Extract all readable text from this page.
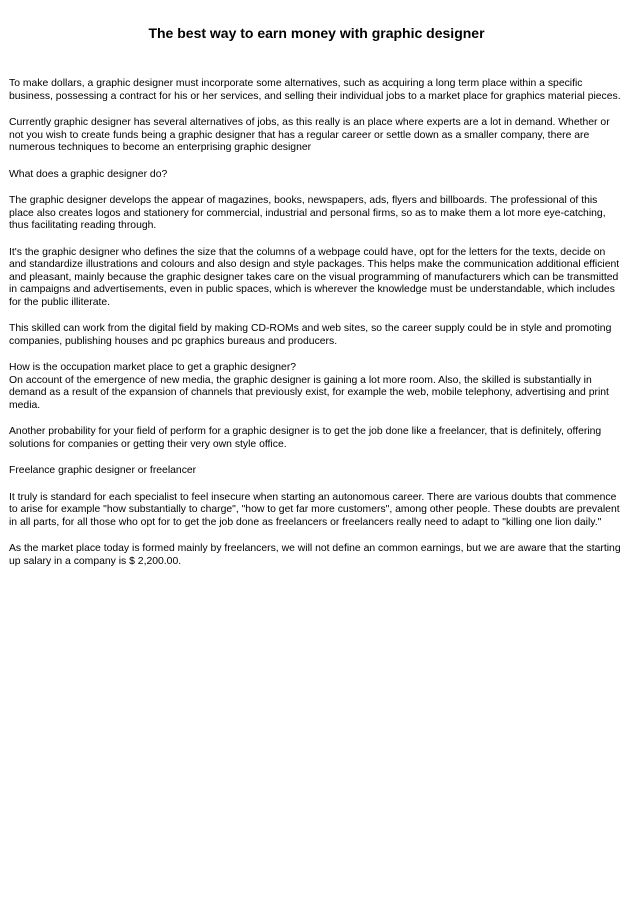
The best way to earn money with graphic designer

To make dollars, a graphic designer must incorporate some alternatives, such as acquiring a long term place within a specific business, possessing a contract for his or her services, and selling their individual jobs to a market place for graphics material pieces.

Currently graphic designer has several alternatives of jobs, as this really is an place where experts are a lot in demand. Whether or not you wish to create funds being a graphic designer that has a regular career or settle down as a smaller company, there are numerous techniques to become an enterprising graphic designer

What does a graphic designer do?

The graphic designer develops the appear of magazines, books, newspapers, ads, flyers and billboards. The professional of this place also creates logos and stationery for commercial, industrial and personal firms, so as to make them a lot more eye-catching, thus facilitating reading through.

It's the graphic designer who defines the size that the columns of a webpage could have, opt for the letters for the texts, decide on and standardize illustrations and colours and also design and style packages. This helps make the communication additional efficient and pleasant, mainly because the graphic designer takes care on the visual programming of manufacturers which can be transmitted in campaigns and advertisements, even in public spaces, which is wherever the knowledge must be understandable, which includes for the public illiterate.

This skilled can work from the digital field by making CD-ROMs and web sites, so the career supply could be in style and promoting companies, publishing houses and pc graphics bureaus and producers.

How is the occupation market place to get a graphic designer?
On account of the emergence of new media, the graphic designer is gaining a lot more room. Also, the skilled is substantially in demand as a result of the expansion of channels that previously exist, for example the web, mobile telephony, advertising and print media.

Another probability for your field of perform for a graphic designer is to get the job done like a freelancer, that is definitely, offering solutions for companies or getting their very own style office.

Freelance graphic designer or freelancer

It truly is standard for each specialist to feel insecure when starting an autonomous career. There are various doubts that commence to arise for example "how substantially to charge", "how to get far more customers", among other people. These doubts are prevalent in all parts, for all those who opt for to get the job done as freelancers or freelancers really need to adapt to "killing one lion daily."

As the market place today is formed mainly by freelancers, we will not define an common earnings, but we are aware that the starting up salary in a company is $ 2,200.00.
